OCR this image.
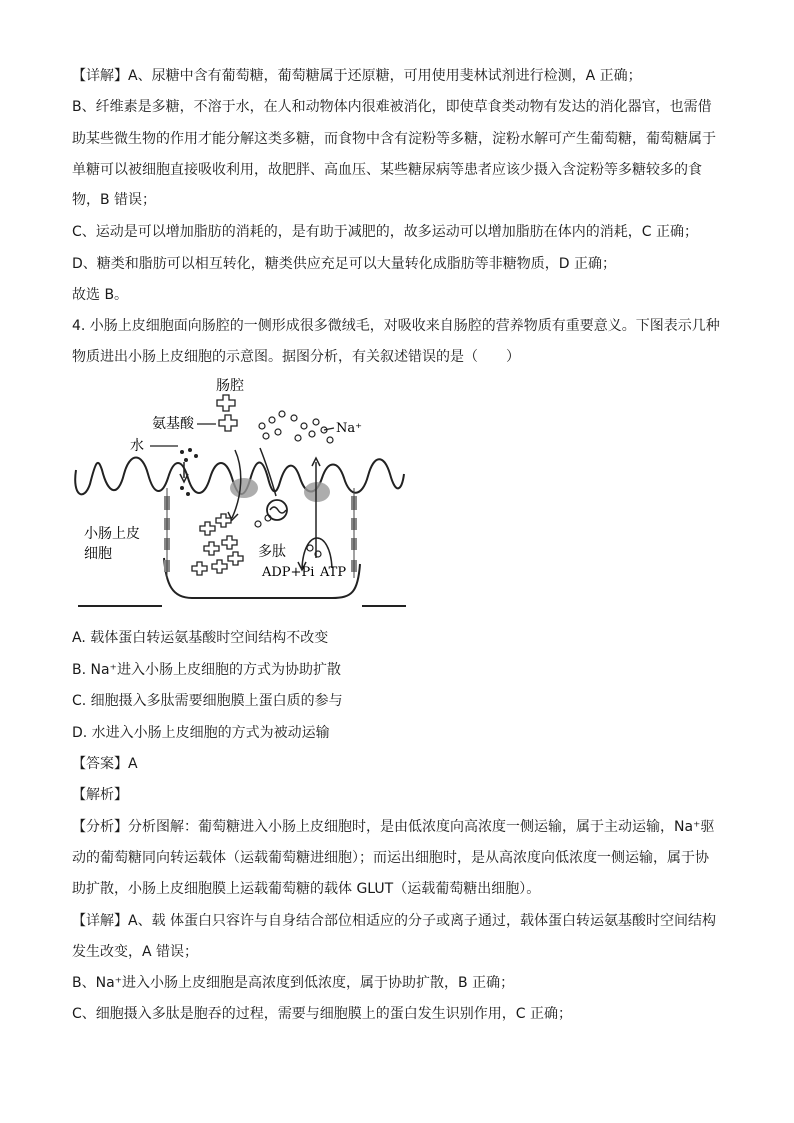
【详解】A、尿糖中含有葡萄糖，葡萄糖属于还原糖，可用使用斐林试剂进行检测，A 正确；
B、纤维素是多糖，不溶于水，在人和动物体内很难被消化，即使草食类动物有发达的消化器官，也需借
助某些微生物的作用才能分解这类多糖，而食物中含有淀粉等多糖，淀粉水解可产生葡萄糖，葡萄糖属于
单糖可以被细胞直接吸收利用，故肥胖、高血压、某些糖尿病等患者应该少摄入含淀粉等多糖较多的食
物，B 错误；
C、运动是可以增加脂肪的消耗的，是有助于减肥的，故多运动可以增加脂肪在体内的消耗，C 正确；
D、糖类和脂肪可以相互转化，糖类供应充足可以大量转化成脂肪等非糖物质，D 正确；
故选 B。
4. 小肠上皮细胞面向肠腔的一侧形成很多微绒毛，对吸收来自肠腔的营养物质有重要意义。下图表示几种
物质进出小肠上皮细胞的示意图。据图分析，有关叙述错误的是（　　）
肠腔
氨基酸
水
Na⁺
小肠上皮
细胞	多肽
ADP+Pi ATP
A. 载体蛋白转运氨基酸时空间结构不改变
B. Na⁺进入小肠上皮细胞的方式为协助扩散
C. 细胞摄入多肽需要细胞膜上蛋白质的参与
D. 水进入小肠上皮细胞的方式为被动运输
【答案】A
【解析】
【分析】分析图解：葡萄糖进入小肠上皮细胞时，是由低浓度向高浓度一侧运输，属于主动运输，Na⁺驱
动的葡萄糖同向转运载体（运载葡萄糖进细胞）；而运出细胞时，是从高浓度向低浓度一侧运输，属于协
助扩散，小肠上皮细胞膜上运载葡萄糖的载体 GLUT（运载葡萄糖出细胞）。
【详解】A、载 体蛋白只容许与自身结合部位相适应的分子或离子通过，载体蛋白转运氨基酸时空间结构
发生改变，A 错误；
B、Na⁺进入小肠上皮细胞是高浓度到低浓度，属于协助扩散，B 正确；
C、细胞摄入多肽是胞吞的过程，需要与细胞膜上的蛋白发生识别作用，C 正确；
